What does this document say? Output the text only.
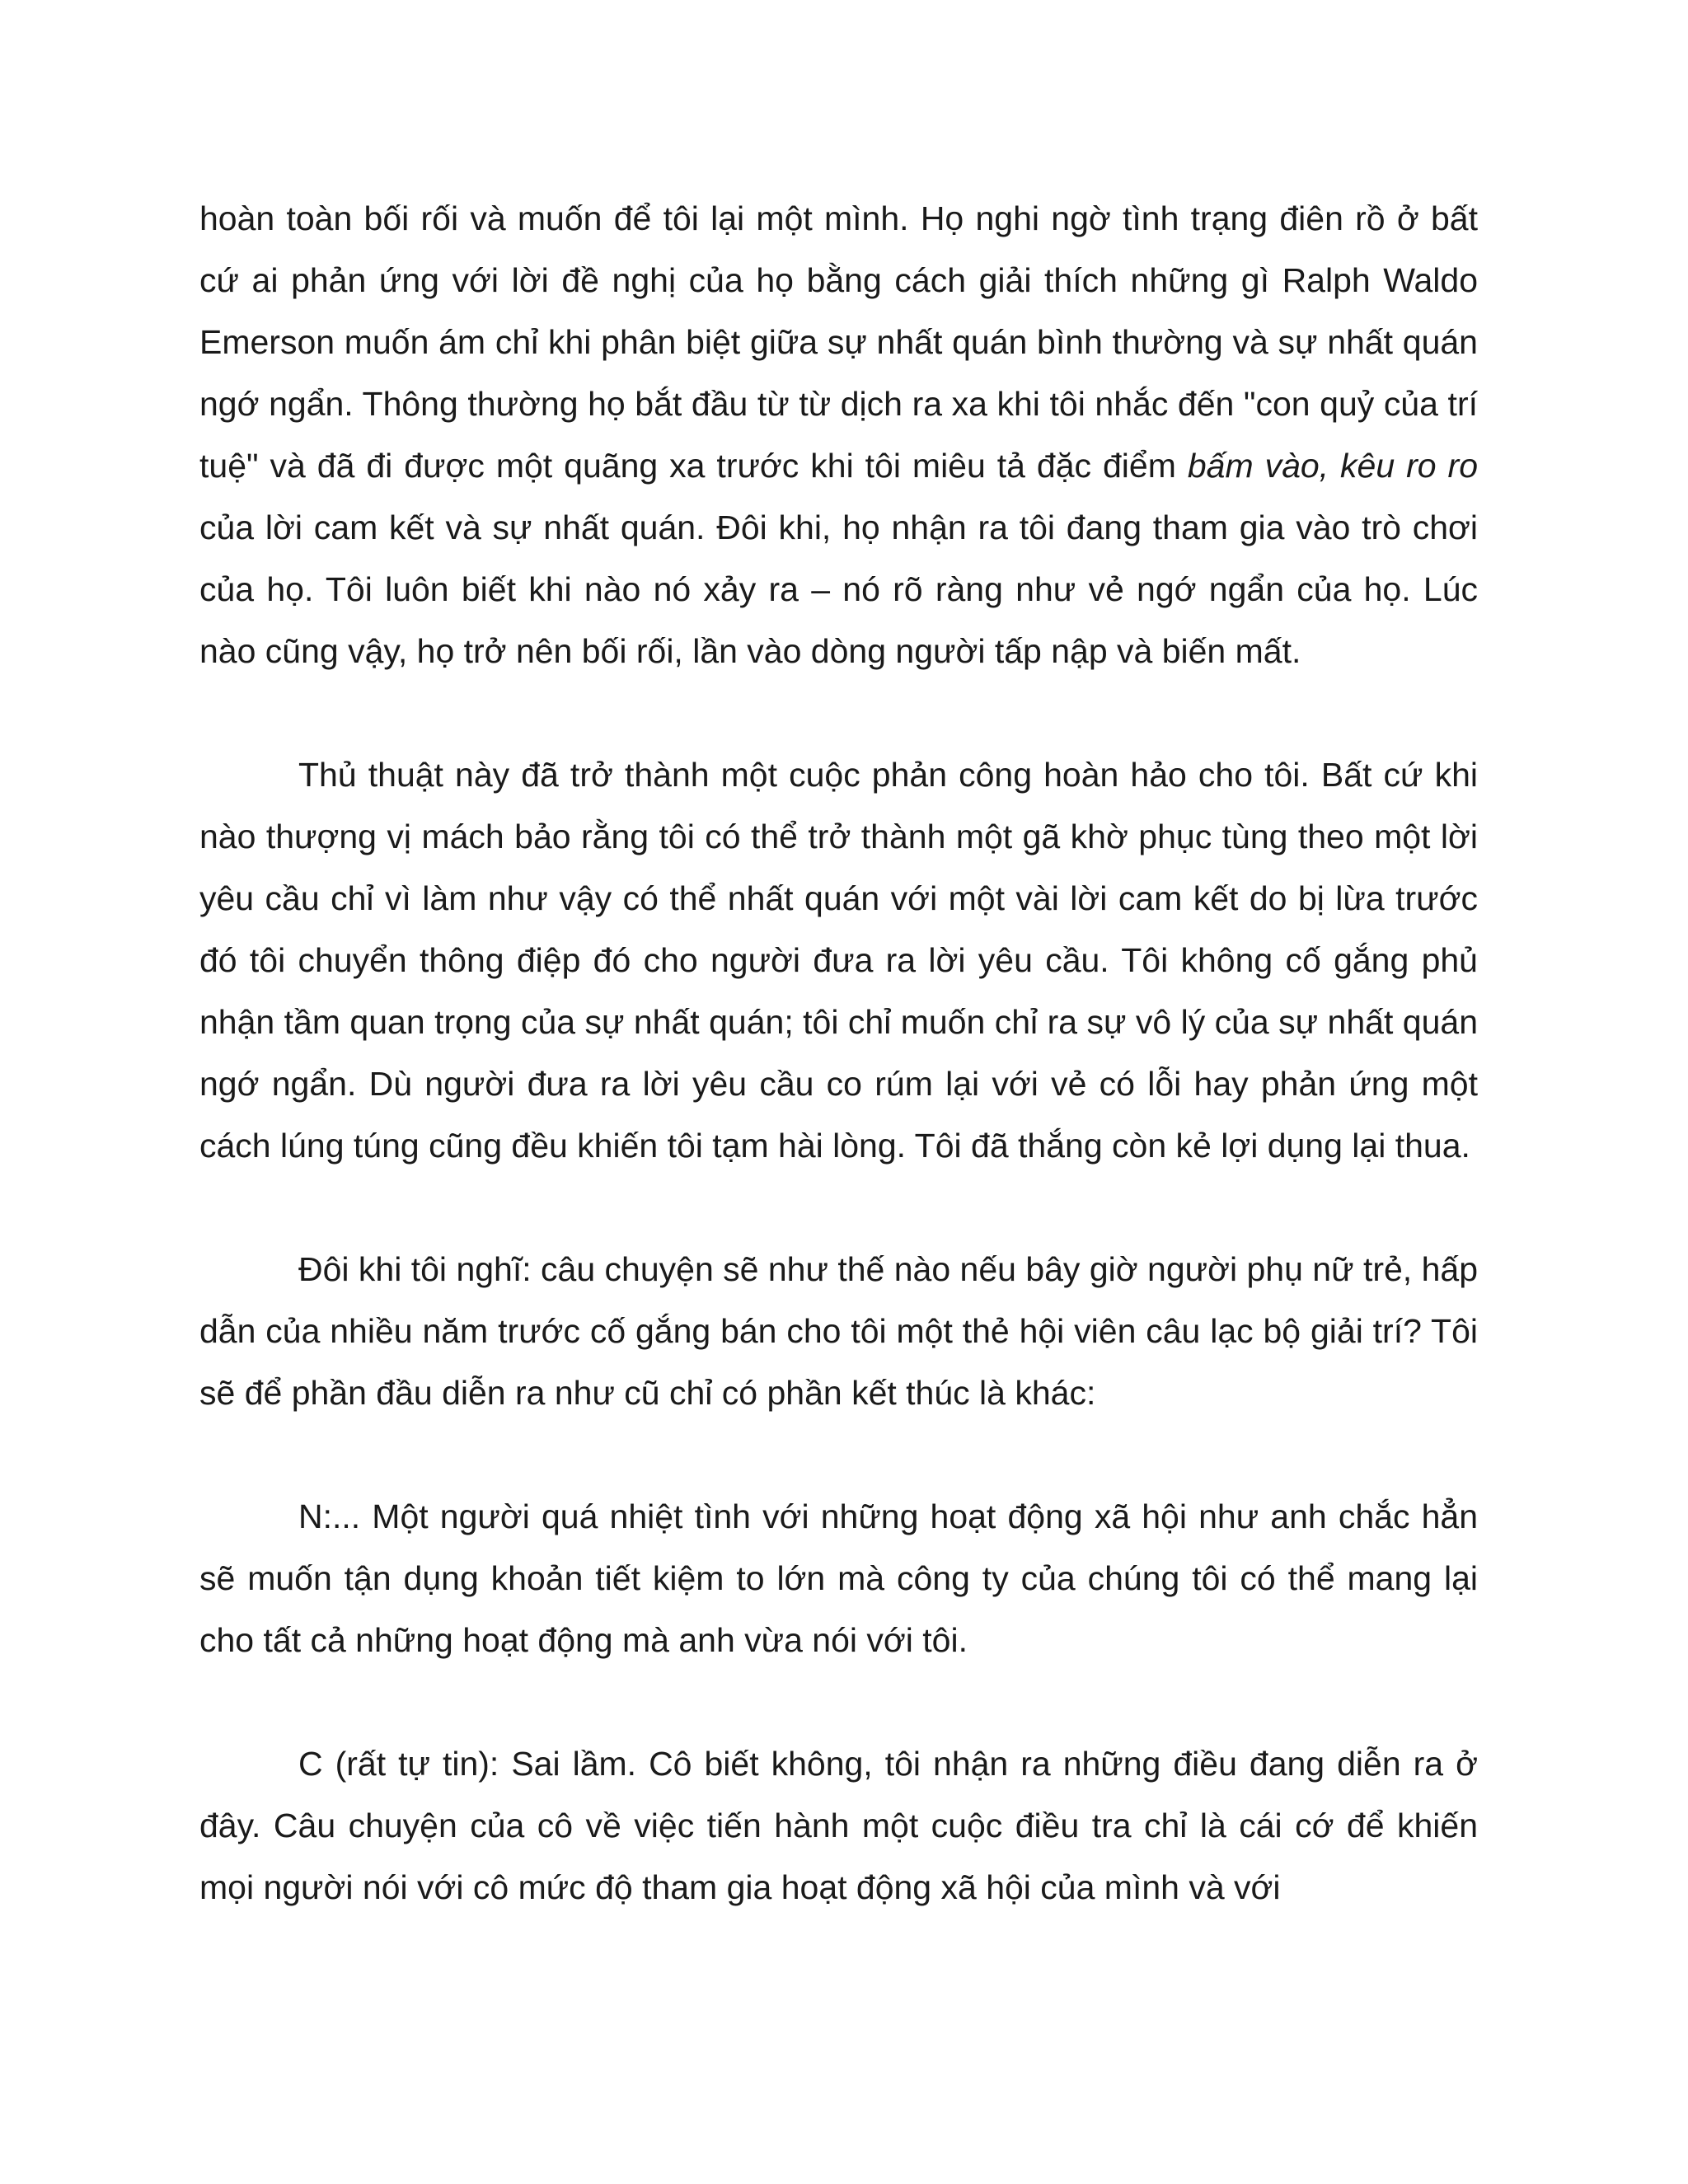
hoàn toàn bối rối và muốn để tôi lại một mình. Họ nghi ngờ tình trạng điên rồ ở bất cứ ai phản ứng với lời đề nghị của họ bằng cách giải thích những gì Ralph Waldo Emerson muốn ám chỉ khi phân biệt giữa sự nhất quán bình thường và sự nhất quán ngớ ngẩn. Thông thường họ bắt đầu từ từ dịch ra xa khi tôi nhắc đến "con quỷ của trí tuệ" và đã đi được một quãng xa trước khi tôi miêu tả đặc điểm bấm vào, kêu ro ro của lời cam kết và sự nhất quán. Đôi khi, họ nhận ra tôi đang tham gia vào trò chơi của họ. Tôi luôn biết khi nào nó xảy ra – nó rõ ràng như vẻ ngớ ngẩn của họ. Lúc nào cũng vậy, họ trở nên bối rối, lần vào dòng người tấp nập và biến mất.

Thủ thuật này đã trở thành một cuộc phản công hoàn hảo cho tôi. Bất cứ khi nào thượng vị mách bảo rằng tôi có thể trở thành một gã khờ phục tùng theo một lời yêu cầu chỉ vì làm như vậy có thể nhất quán với một vài lời cam kết do bị lừa trước đó tôi chuyển thông điệp đó cho người đưa ra lời yêu cầu. Tôi không cố gắng phủ nhận tầm quan trọng của sự nhất quán; tôi chỉ muốn chỉ ra sự vô lý của sự nhất quán ngớ ngẩn. Dù người đưa ra lời yêu cầu co rúm lại với vẻ có lỗi hay phản ứng một cách lúng túng cũng đều khiến tôi tạm hài lòng. Tôi đã thắng còn kẻ lợi dụng lại thua.

Đôi khi tôi nghĩ: câu chuyện sẽ như thế nào nếu bây giờ người phụ nữ trẻ, hấp dẫn của nhiều năm trước cố gắng bán cho tôi một thẻ hội viên câu lạc bộ giải trí? Tôi sẽ để phần đầu diễn ra như cũ chỉ có phần kết thúc là khác:

N:... Một người quá nhiệt tình với những hoạt động xã hội như anh chắc hẳn sẽ muốn tận dụng khoản tiết kiệm to lớn mà công ty của chúng tôi có thể mang lại cho tất cả những hoạt động mà anh vừa nói với tôi.

C (rất tự tin): Sai lầm. Cô biết không, tôi nhận ra những điều đang diễn ra ở đây. Câu chuyện của cô về việc tiến hành một cuộc điều tra chỉ là cái cớ để khiến mọi người nói với cô mức độ tham gia hoạt động xã hội của mình và với
